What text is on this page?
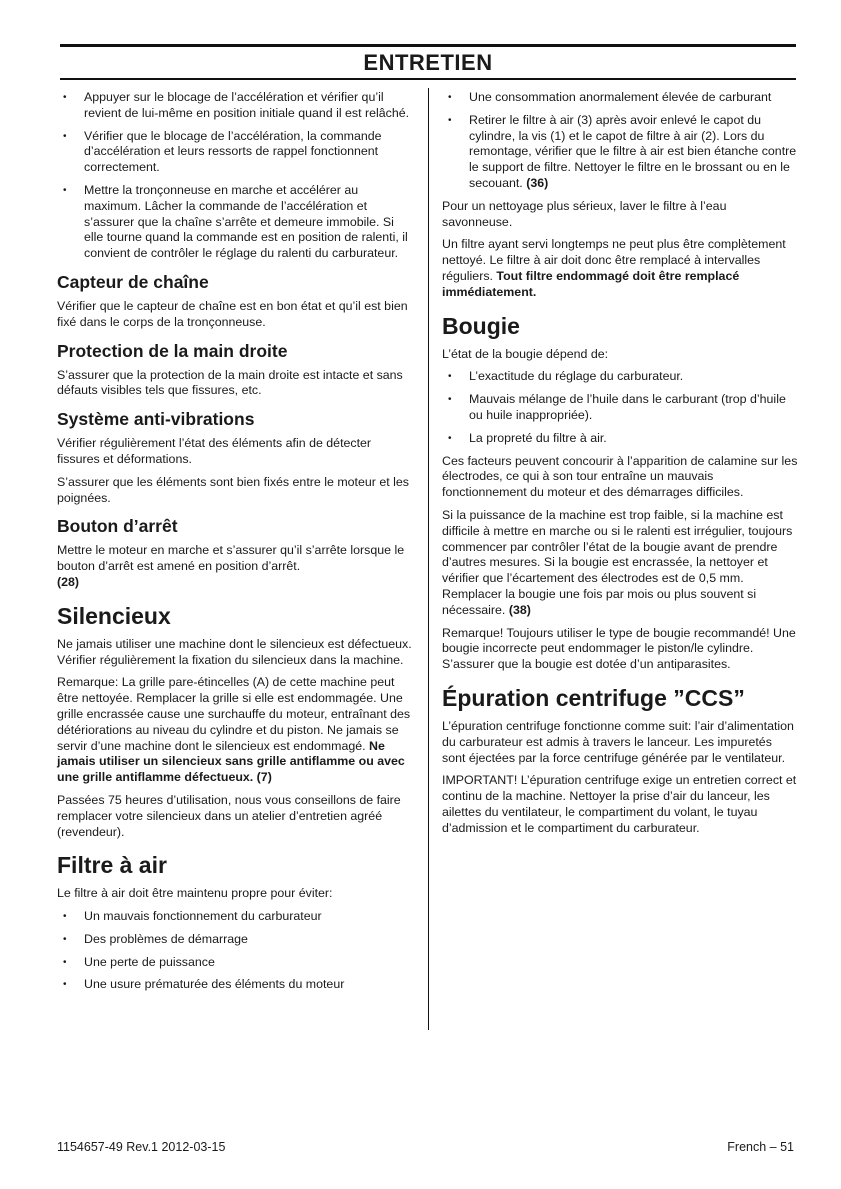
ENTRETIEN
• Appuyer sur le blocage de l’accélération et vérifier qu’il revient de lui-même en position initiale quand il est relâché.
• Vérifier que le blocage de l’accélération, la commande d’accélération et leurs ressorts de rappel fonctionnent correctement.
• Mettre la tronçonneuse en marche et accélérer au maximum. Lâcher la commande de l’accélération et s’assurer que la chaîne s’arrête et demeure immobile. Si elle tourne quand la commande est en position de ralenti, il convient de contrôler le réglage du ralenti du carburateur.
Capteur de chaîne

Vérifier que le capteur de chaîne est en bon état et qu’il est bien fixé dans le corps de la tronçonneuse.

Protection de la main droite

S’assurer que la protection de la main droite est intacte et sans défauts visibles tels que fissures, etc.

Système anti-vibrations

Vérifier régulièrement l’état des éléments afin de détecter fissures et déformations.

S’assurer que les éléments sont bien fixés entre le moteur et les poignées.

Bouton d’arrêt

Mettre le moteur en marche et s’assurer qu’il s’arrête lorsque le bouton d’arrêt est amené en position d’arrêt.
(28)

Silencieux

Ne jamais utiliser une machine dont le silencieux est défectueux. Vérifier régulièrement la fixation du silencieux dans la machine.

Remarque: La grille pare-étincelles (A) de cette machine peut être nettoyée. Remplacer la grille si elle est endommagée. Une grille encrassée cause une surchauffe du moteur, entraînant des détériorations au niveau du cylindre et du piston. Ne jamais se servir d’une machine dont le silencieux est endommagé. Ne jamais utiliser un silencieux sans grille antiflamme ou avec une grille antiflamme défectueux. (7)

Passées 75 heures d’utilisation, nous vous conseillons de faire remplacer votre silencieux dans un atelier d’entretien agréé (revendeur).

Filtre à air

Le filtre à air doit être maintenu propre pour éviter:

• Un mauvais fonctionnement du carburateur
• Des problèmes de démarrage
• Une perte de puissance
• Une usure prématurée des éléments du moteur
• Une consommation anormalement élevée de carburant
• Retirer le filtre à air (3) après avoir enlevé le capot du cylindre, la vis (1) et le capot de filtre à air (2). Lors du remontage, vérifier que le filtre à air est bien étanche contre le support de filtre. Nettoyer le filtre en le brossant ou en le secouant. (36)

Pour un nettoyage plus sérieux, laver le filtre à l’eau savonneuse.

Un filtre ayant servi longtemps ne peut plus être complètement nettoyé. Le filtre à air doit donc être remplacé à intervalles réguliers. Tout filtre endommagé doit être remplacé immédiatement.

Bougie

L’état de la bougie dépend de:

• L’exactitude du réglage du carburateur.
• Mauvais mélange de l’huile dans le carburant (trop d’huile ou huile inappropriée).
• La propreté du filtre à air.

Ces facteurs peuvent concourir à l’apparition de calamine sur les électrodes, ce qui à son tour entraîne un mauvais fonctionnement du moteur et des démarrages difficiles.

Si la puissance de la machine est trop faible, si la machine est difficile à mettre en marche ou si le ralenti est irrégulier, toujours commencer par contrôler l’état de la bougie avant de prendre d’autres mesures. Si la bougie est encrassée, la nettoyer et vérifier que l’écartement des électrodes est de 0,5 mm. Remplacer la bougie une fois par mois ou plus souvent si nécessaire. (38)

Remarque! Toujours utiliser le type de bougie recommandé! Une bougie incorrecte peut endommager le piston/le cylindre. S’assurer que la bougie est dotée d’un antiparasites.

Épuration centrifuge ”CCS”

L’épuration centrifuge fonctionne comme suit: l’air d’alimentation du carburateur est admis à travers le lanceur. Les impuretés sont éjectées par la force centrifuge générée par le ventilateur.

IMPORTANT! L’épuration centrifuge exige un entretien correct et continu de la machine. Nettoyer la prise d’air du lanceur, les ailettes du ventilateur, le compartiment du volant, le tuyau d’admission et le compartiment du carburateur.

1154657-49 Rev.1 2012-03-15	French – 51
